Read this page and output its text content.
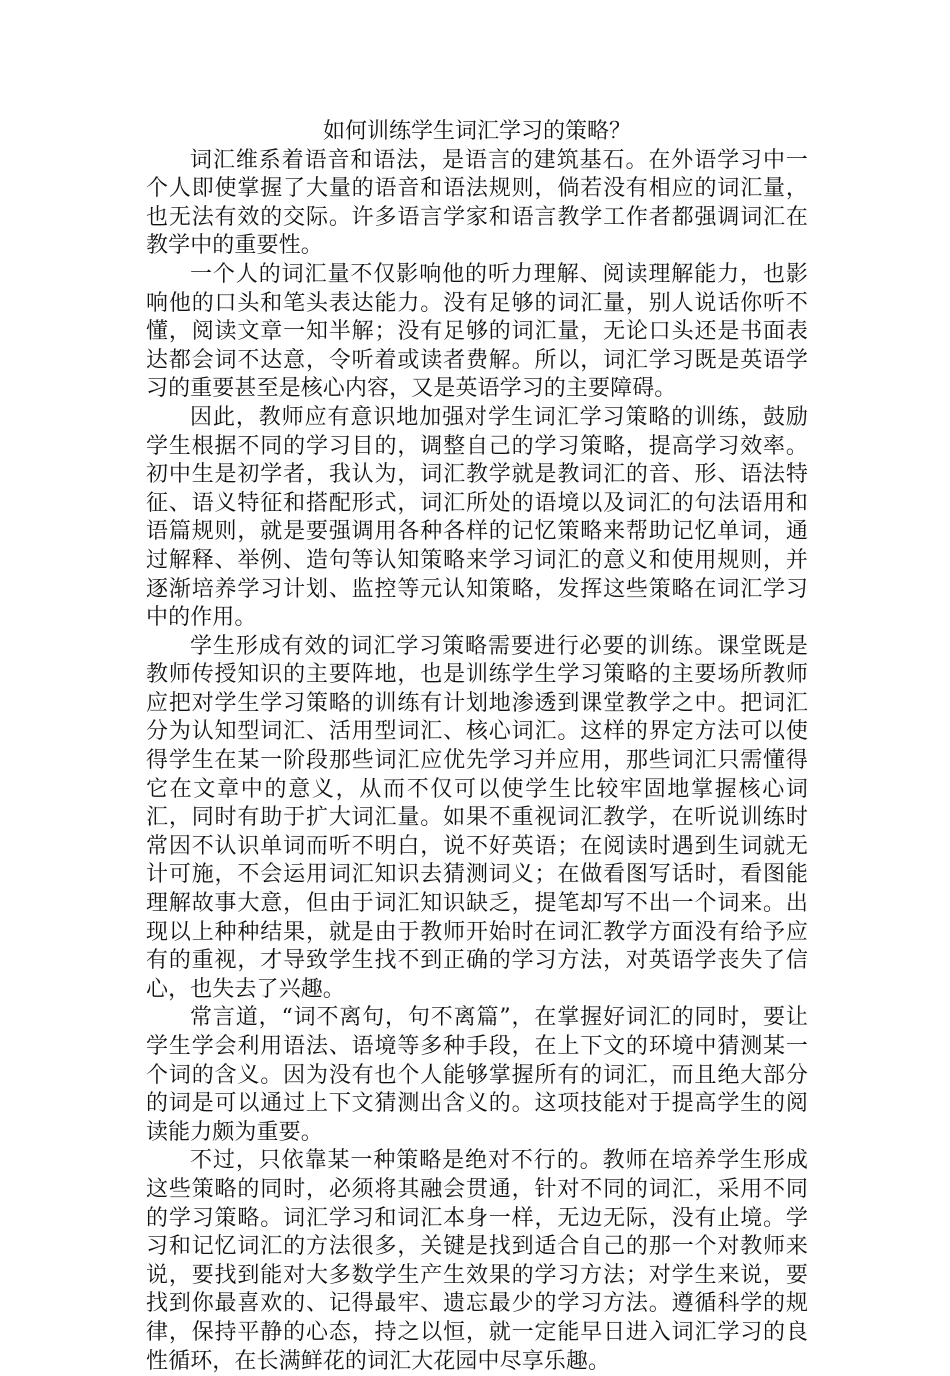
如何训练学生词汇学习的策略？

词汇维系着语音和语法，是语言的建筑基石。在外语学习中一个人即使掌握了大量的语音和语法规则，倘若没有相应的词汇量，也无法有效的交际。许多语言学家和语言教学工作者都强调词汇在教学中的重要性。

一个人的词汇量不仅影响他的听力理解、阅读理解能力，也影响他的口头和笔头表达能力。没有足够的词汇量，别人说话你听不懂，阅读文章一知半解；没有足够的词汇量，无论口头还是书面表达都会词不达意，令听着或读者费解。所以，词汇学习既是英语学习的重要甚至是核心内容，又是英语学习的主要障碍。

因此，教师应有意识地加强对学生词汇学习策略的训练，鼓励学生根据不同的学习目的，调整自己的学习策略，提高学习效率。初中生是初学者，我认为，词汇教学就是教词汇的音、形、语法特征、语义特征和搭配形式，词汇所处的语境以及词汇的句法语用和语篇规则，就是要强调用各种各样的记忆策略来帮助记忆单词，通过解释、举例、造句等认知策略来学习词汇的意义和使用规则，并逐渐培养学习计划、监控等元认知策略，发挥这些策略在词汇学习中的作用。

学生形成有效的词汇学习策略需要进行必要的训练。课堂既是教师传授知识的主要阵地，也是训练学生学习策略的主要场所教师应把对学生学习策略的训练有计划地渗透到课堂教学之中。把词汇分为认知型词汇、活用型词汇、核心词汇。这样的界定方法可以使得学生在某一阶段那些词汇应优先学习并应用，那些词汇只需懂得它在文章中的意义，从而不仅可以使学生比较牢固地掌握核心词汇，同时有助于扩大词汇量。如果不重视词汇教学，在听说训练时常因不认识单词而听不明白，说不好英语；在阅读时遇到生词就无计可施，不会运用词汇知识去猜测词义；在做看图写话时，看图能理解故事大意，但由于词汇知识缺乏，提笔却写不出一个词来。出现以上种种结果，就是由于教师开始时在词汇教学方面没有给予应有的重视，才导致学生找不到正确的学习方法，对英语学丧失了信心，也失去了兴趣。

常言道，“词不离句，句不离篇”，在掌握好词汇的同时，要让学生学会利用语法、语境等多种手段，在上下文的环境中猜测某一个词的含义。因为没有也个人能够掌握所有的词汇，而且绝大部分的词是可以通过上下文猜测出含义的。这项技能对于提高学生的阅读能力颇为重要。

不过，只依靠某一种策略是绝对不行的。教师在培养学生形成这些策略的同时，必须将其融会贯通，针对不同的词汇，采用不同的学习策略。词汇学习和词汇本身一样，无边无际，没有止境。学习和记忆词汇的方法很多，关键是找到适合自己的那一个对教师来说，要找到能对大多数学生产生效果的学习方法；对学生来说，要找到你最喜欢的、记得最牢、遗忘最少的学习方法。遵循科学的规律，保持平静的心态，持之以恒，就一定能早日进入词汇学习的良性循环，在长满鲜花的词汇大花园中尽享乐趣。
